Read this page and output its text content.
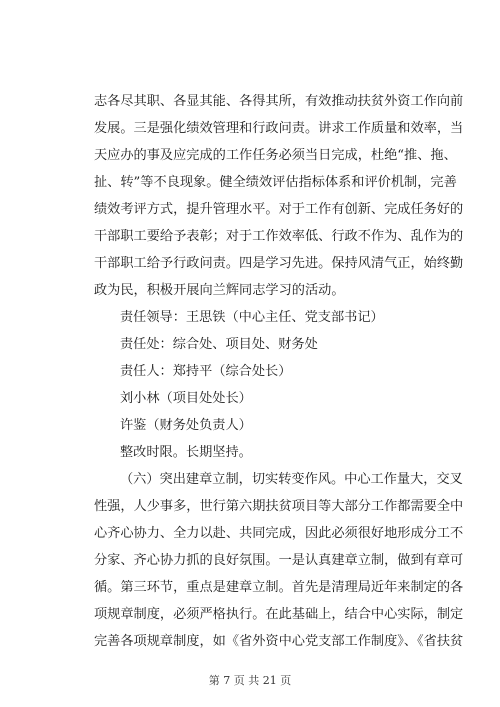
志各尽其职、各显其能、各得其所，有效推动扶贫外资工作向前
发展。三是强化绩效管理和行政问责。讲求工作质量和效率，当
天应办的事及应完成的工作任务必须当日完成，杜绝“推、拖、
扯、转”等不良现象。健全绩效评估指标体系和评价机制，完善
绩效考评方式，提升管理水平。对于工作有创新、完成任务好的
干部职工要给予表彰；对于工作效率低、行政不作为、乱作为的
干部职工给予行政问责。四是学习先进。保持风清气正，始终勤
政为民，积极开展向兰辉同志学习的活动。
责任领导：王思铁（中心主任、党支部书记）
责任处：综合处、项目处、财务处
责任人：郑持平（综合处长）
刘小林（项目处处长）
许鉴（财务处负责人）
整改时限。长期坚持。
（六）突出建章立制，切实转变作风。中心工作量大，交叉
性强，人少事多，世行第六期扶贫项目等大部分工作都需要全中
心齐心协力、全力以赴、共同完成，因此必须很好地形成分工不
分家、齐心协力抓的良好氛围。一是认真建章立制，做到有章可
循。第三环节，重点是建章立制。首先是清理局近年来制定的各
项规章制度，必须严格执行。在此基础上，结合中心实际，制定
完善各项规章制度，如《省外资中心党支部工作制度》、《省扶贫
第 7 页 共 21 页
